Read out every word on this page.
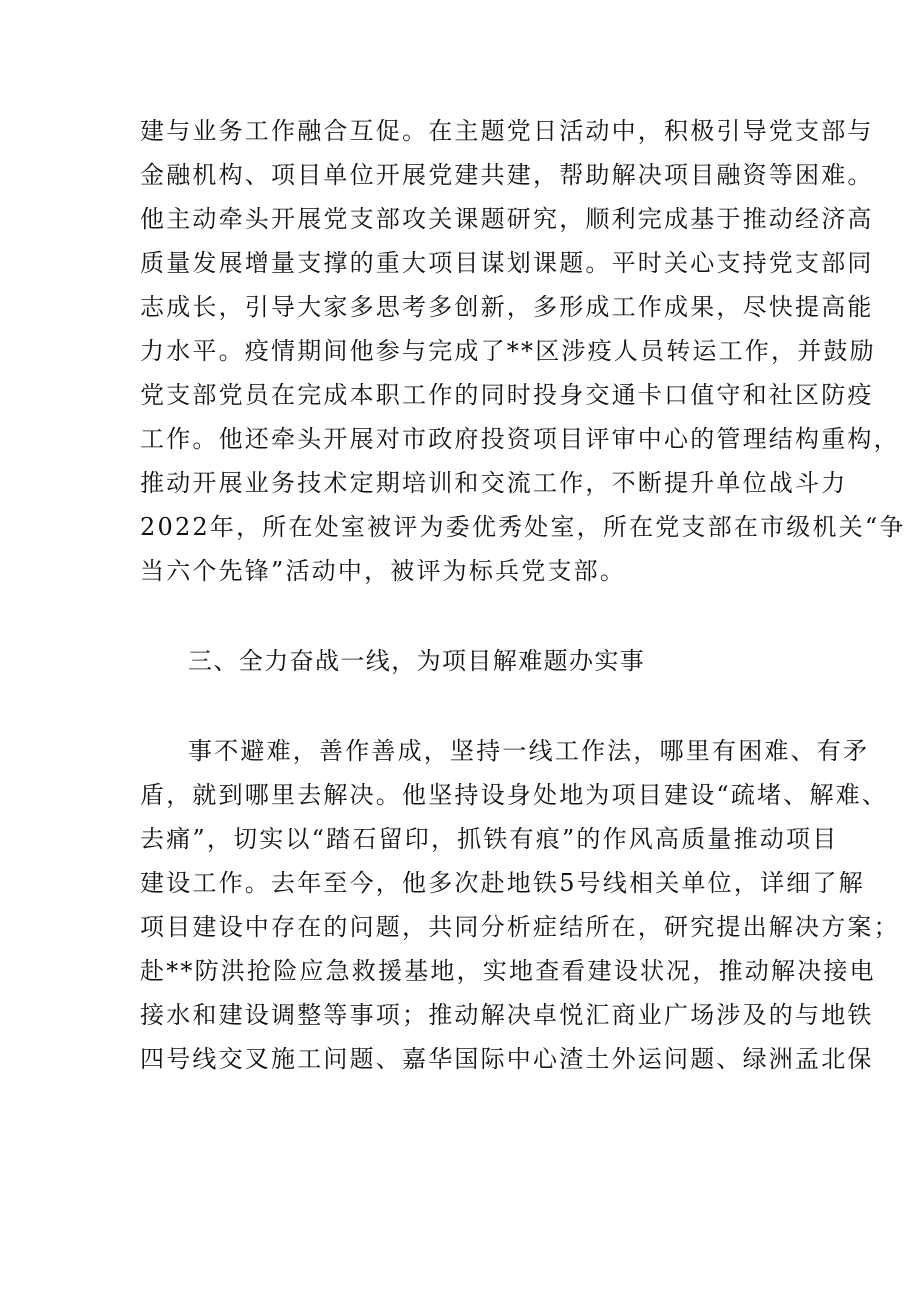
建与业务工作融合互促。在主题党日活动中，积极引导党支部与
金融机构、项目单位开展党建共建，帮助解决项目融资等困难。
他主动牵头开展党支部攻关课题研究，顺利完成基于推动经济高
质量发展增量支撑的重大项目谋划课题。平时关心支持党支部同
志成长，引导大家多思考多创新，多形成工作成果，尽快提高能
力水平。疫情期间他参与完成了**区涉疫人员转运工作，并鼓励
党支部党员在完成本职工作的同时投身交通卡口值守和社区防疫
工作。他还牵头开展对市政府投资项目评审中心的管理结构重构，
推动开展业务技术定期培训和交流工作，不断提升单位战斗力
2022年，所在处室被评为委优秀处室，所在党支部在市级机关“争
当六个先锋”活动中，被评为标兵党支部。
三、全力奋战一线，为项目解难题办实事
事不避难，善作善成，坚持一线工作法，哪里有困难、有矛
盾，就到哪里去解决。他坚持设身处地为项目建设“疏堵、解难、
去痛”，切实以“踏石留印，抓铁有痕”的作风高质量推动项目
建设工作。去年至今，他多次赴地铁5号线相关单位，详细了解
项目建设中存在的问题，共同分析症结所在，研究提出解决方案；
赴**防洪抢险应急救援基地，实地查看建设状况，推动解决接电
接水和建设调整等事项；推动解决卓悦汇商业广场涉及的与地铁
四号线交叉施工问题、嘉华国际中心渣土外运问题、绿洲孟北保
